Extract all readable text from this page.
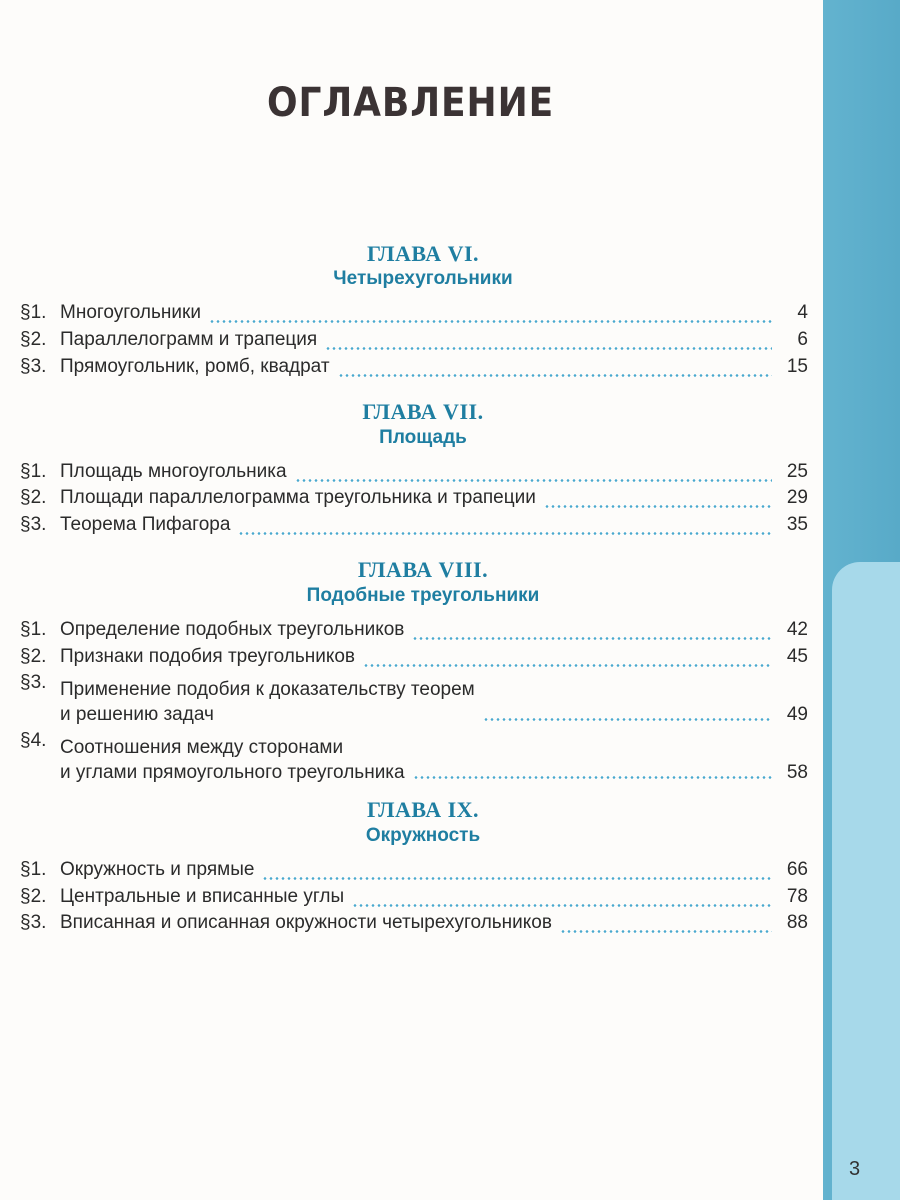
ОГЛАВЛЕНИЕ
ГЛАВА VI.
Четырехугольники
§1. Многоугольники	4
§2. Параллелограмм и трапеция	6
§3. Прямоугольник, ромб, квадрат	15
ГЛАВА VII.
Площадь
§1. Площадь многоугольника	25
§2. Площади параллелограмма треугольника и трапеции	29
§3. Теорема Пифагора	35
ГЛАВА VIII.
Подобные треугольники
§1. Определение подобных треугольников	42
§2. Признаки подобия треугольников	45
§3. Применение подобия к доказательству теорем
и решению задач	49
§4. Соотношения между сторонами
и углами прямоугольного треугольника	58
ГЛАВА IX.
Окружность
§1. Окружность и прямые	66
§2. Центральные и вписанные углы	78
§3. Вписанная и описанная окружности четырехугольников	88
3
